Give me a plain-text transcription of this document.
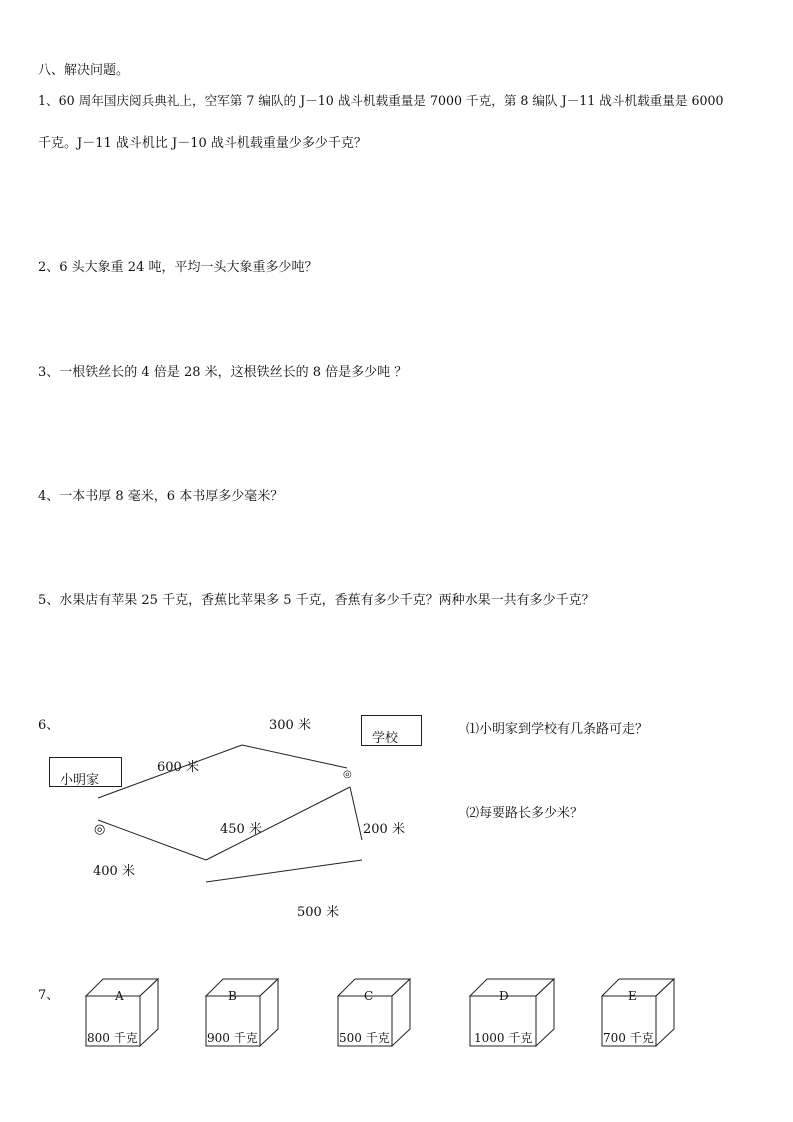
八、解决问题。
1、60 周年国庆阅兵典礼上，空军第 7 编队的 J－10 战斗机载重量是 7000 千克，第 8 编队 J－11 战斗机载重量是 6000
千克。J－11 战斗机比 J－10 战斗机载重量少多少千克？
2、6 头大象重 24 吨，平均一头大象重多少吨？
3、一根铁丝长的 4 倍是 28 米，这根铁丝长的 8 倍是多少吨 ？
4、一本书厚 8 毫米，6 本书厚多少毫米？
5、水果店有苹果 25 千克，香蕉比苹果多 5 千克，香蕉有多少千克？两种水果一共有多少千克？
6、
小明家
学校
◎
◎
300 米
600 米
450 米	200 米
400 米
500 米
⑴小明家到学校有几条路可走？
⑵每要路长多少米？
7、	A	B	C	D	E
800 千克	900 千克	500 千克	1000 千克	700 千克
